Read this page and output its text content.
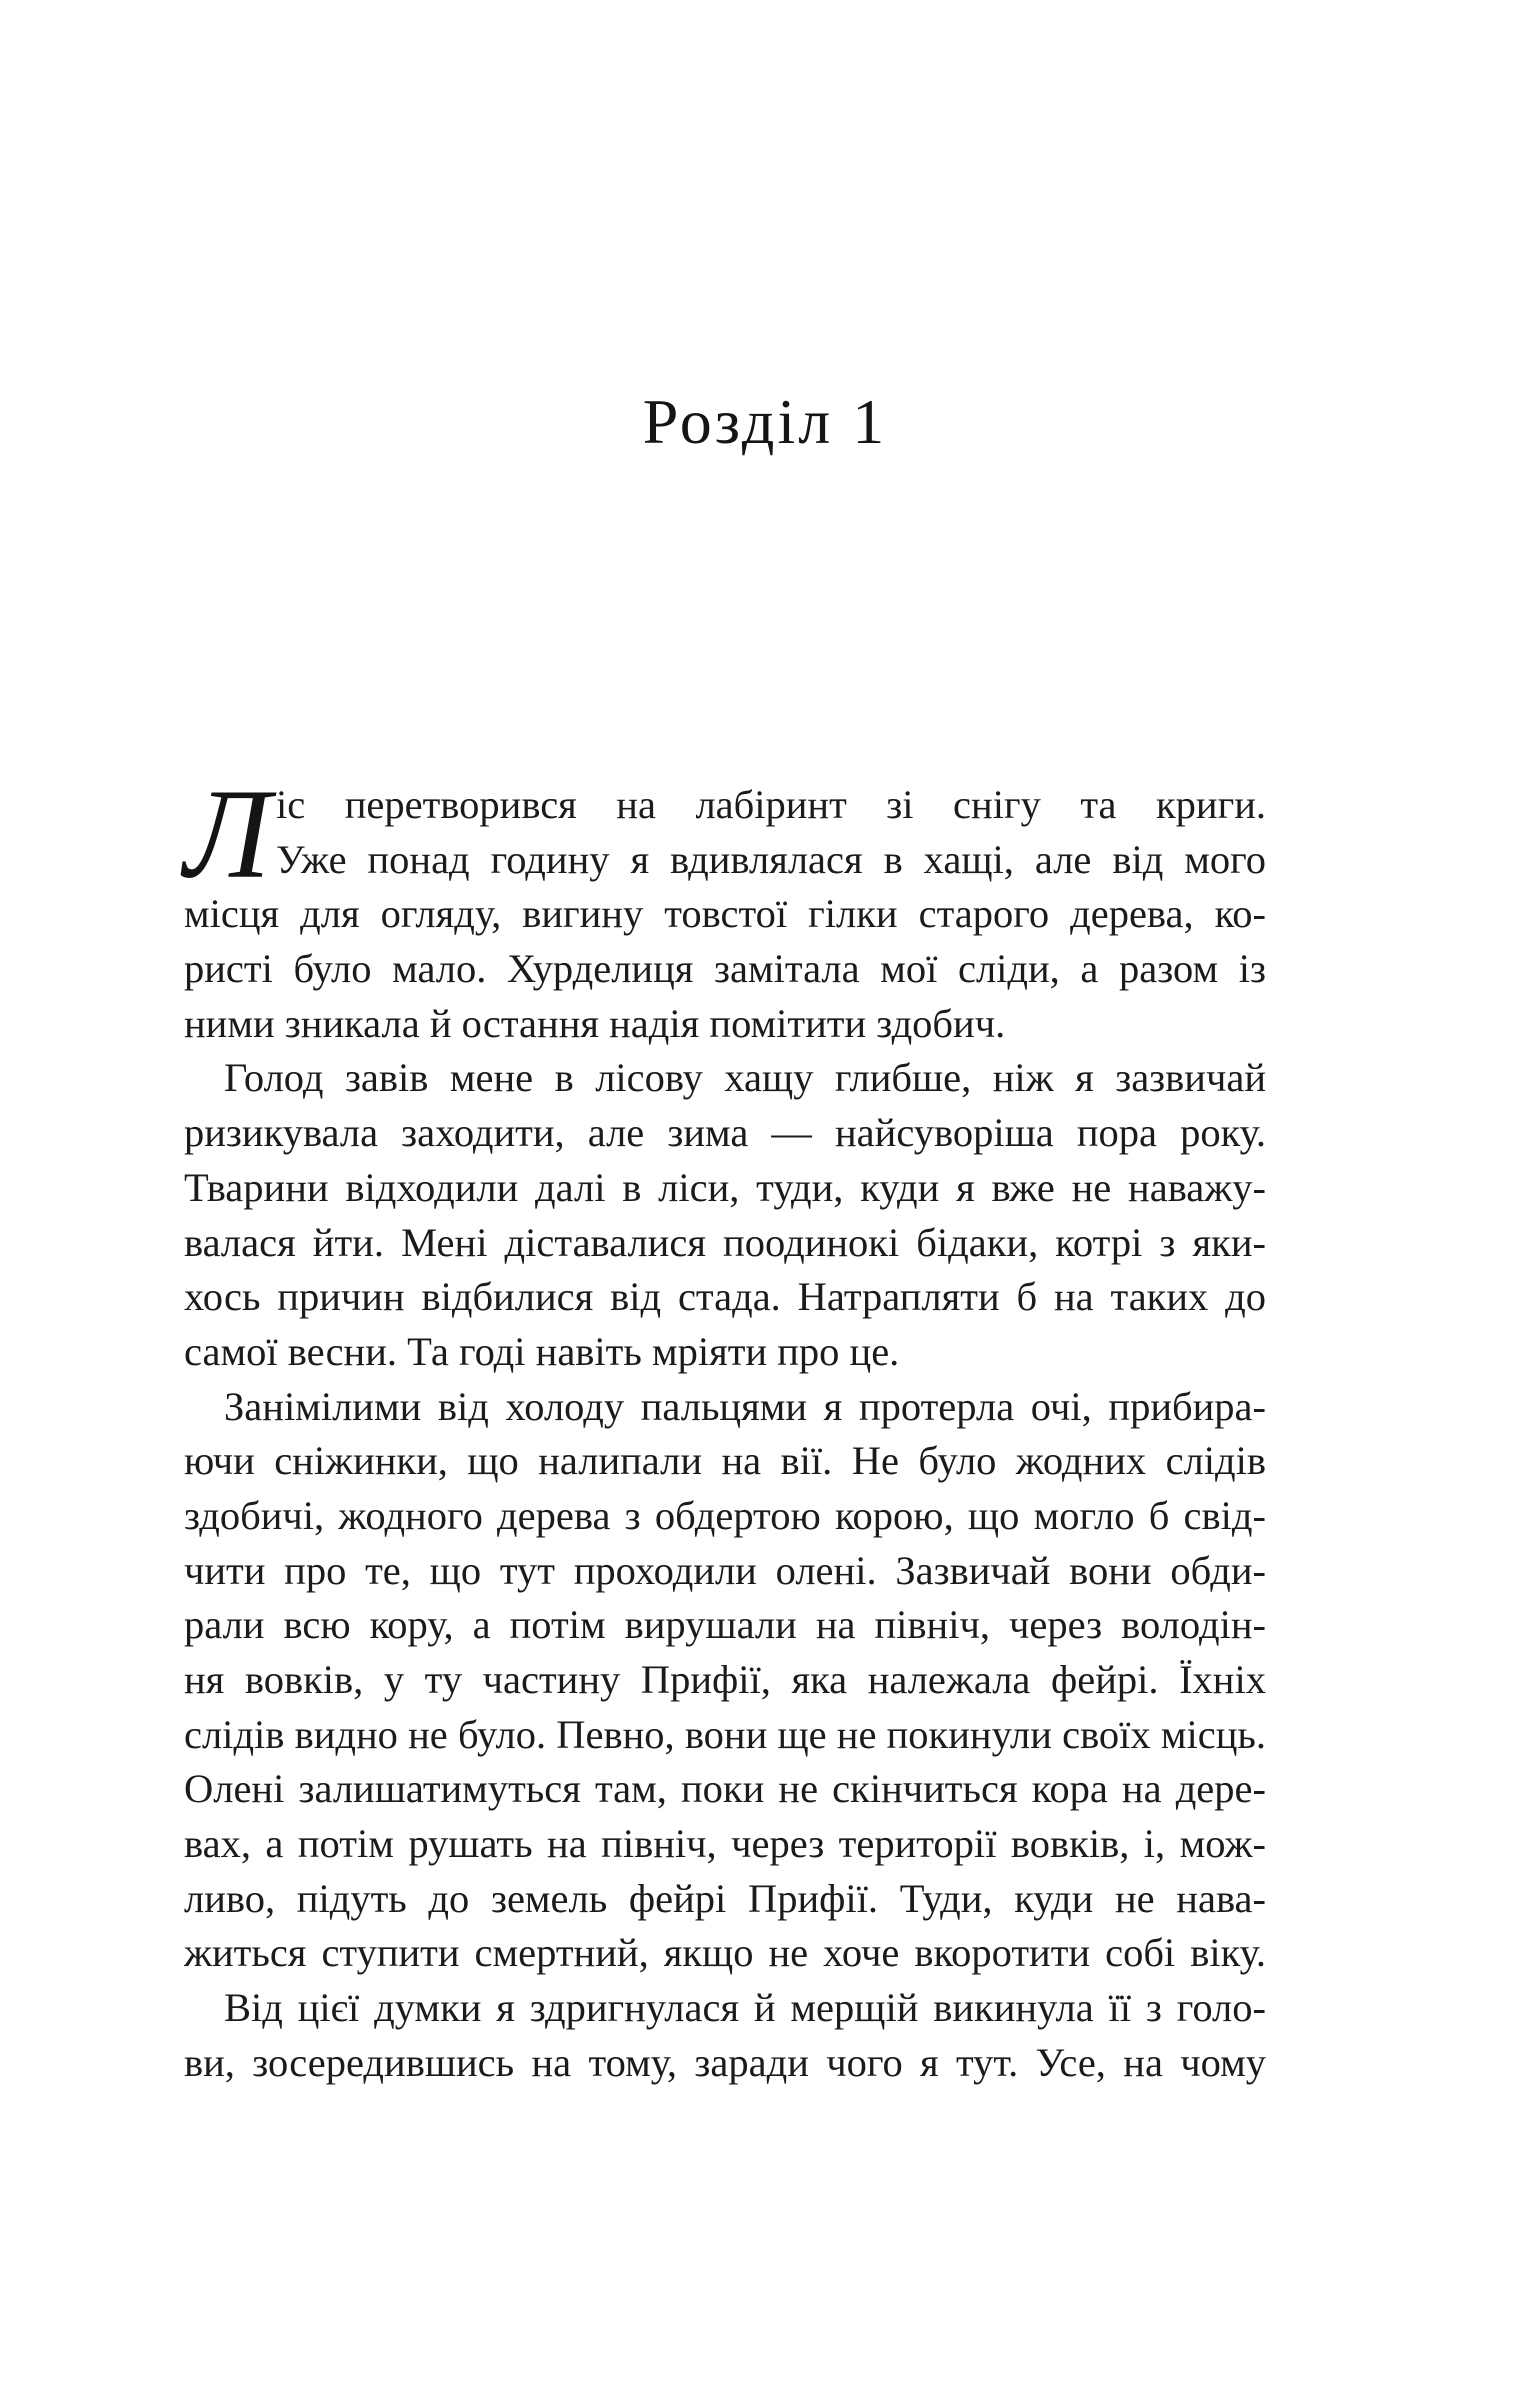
Розділ 1
Л іс перетворився на лабіринт зі снігу та криги.
Уже понад годину я вдивлялася в хащі, але від мого
місця для огляду, вигину товстої гілки старого дерева, ко-
ристі було мало. Хурделиця замітала мої сліди, а разом із
ними зникала й остання надія помітити здобич.
Голод завів мене в лісову хащу глибше, ніж я зазвичай
ризикувала заходити, але зима — найсуворіша пора року.
Тварини відходили далі в ліси, туди, куди я вже не наважу-
валася йти. Мені діставалися поодинокі бідаки, котрі з яки-
хось причин відбилися від стада. Натрапляти б на таких до
самої весни. Та годі навіть мріяти про це.
Занімілими від холоду пальцями я протерла очі, прибира-
ючи сніжинки, що налипали на вії. Не було жодних слідів
здобичі, жодного дерева з обдертою корою, що могло б свід-
чити про те, що тут проходили олені. Зазвичай вони обди-
рали всю кору, а потім вирушали на північ, через володін-
ня вовків, у ту частину Прифії, яка належала фейрі. Їхніх
слідів видно не було. Певно, вони ще не покинули своїх місць.
Олені залишатимуться там, поки не скінчиться кора на дере-
вах, а потім рушать на північ, через території вовків, і, мож-
ливо, підуть до земель фейрі Прифії. Туди, куди не нава-
житься ступити смертний, якщо не хоче вкоротити собі віку.
Від цієї думки я здригнулася й мерщій викинула її з голо-
ви, зосередившись на тому, заради чого я тут. Усе, на чому
